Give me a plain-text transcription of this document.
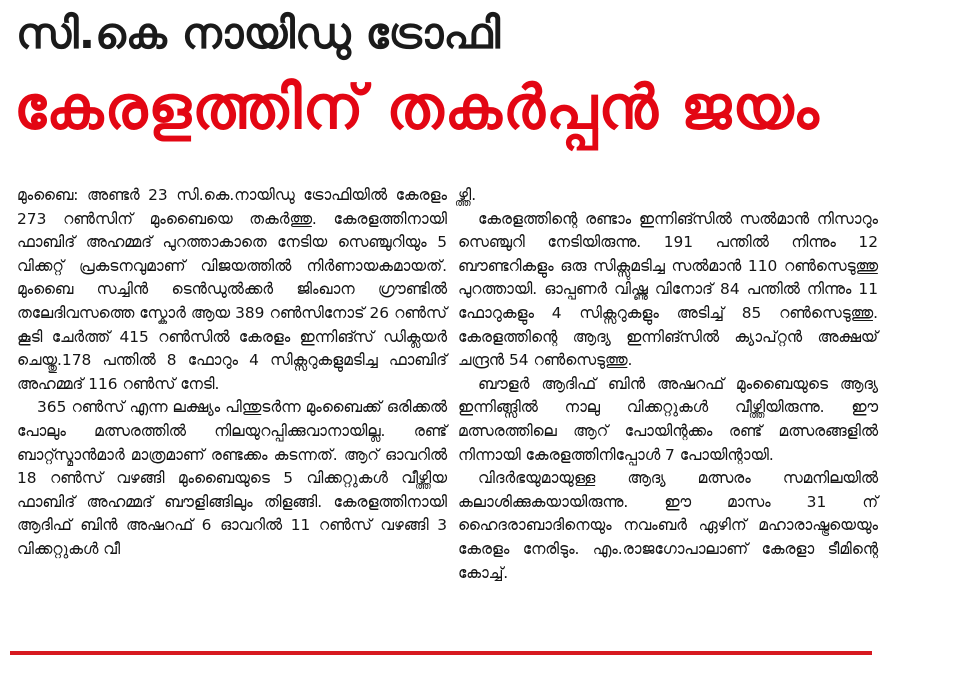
സി.കെ നായിഡു ട്രോഫി
കേരളത്തിന് തകർപ്പൻ ജയം

മുംബൈ: അണ്ടർ 23 സി.കെ.നായിഡു ട്രോഫിയിൽ കേരളം 273 റൺസിന് മുംബൈയെ തകർത്തു. കേരളത്തിനായി ഫാബിദ് അഹമ്മദ് പുറത്താകാതെ നേടിയ സെഞ്ചുറിയും 5 വിക്കറ്റ് പ്രകടനവുമാണ് വിജയത്തിൽ നിർണായകമായത്. മുംബൈ സച്ചിൻ ടെൻഡുൽക്കർ ജിംഖാന ഗ്രൗണ്ടിൽ തലേദിവസത്തെ സ്കോർ ആയ 389 റൺസിനോട് 26 റൺസ് കൂടി ചേർത്ത് 415 റൺസിൽ കേരളം ഇന്നിങ്സ് ഡിക്ലയർ ചെയ്തു.178 പന്തിൽ 8 ഫോറും 4 സിക്സറുകളുമടിച്ച ഫാബിദ് അഹമ്മദ് 116 റൺസ് നേടി.

365 റൺസ് എന്ന ലക്ഷ്യം പിന്തുടർന്ന മുംബൈക്ക് ഒരിക്കൽ പോലും മത്സരത്തിൽ നിലയുറപ്പിക്കുവാനായില്ല. രണ്ട് ബാറ്റ്സ്മാൻമാർ മാത്രമാണ് രണ്ടക്കം കടന്നത്. ആറ് ഓവറിൽ 18 റൺസ് വഴങ്ങി മുംബൈയുടെ 5 വിക്കറ്റുകൾ വീഴ്ത്തിയ ഫാബിദ് അഹമ്മദ് ബൗളിങ്ങിലും തിളങ്ങി. കേരളത്തിനായി ആദിഫ് ബിൻ അഷറഫ് 6 ഓവറിൽ 11 റൺസ് വഴങ്ങി 3 വിക്കറ്റുകൾ വീ

ഴ്ത്തി.

കേരളത്തിന്റെ രണ്ടാം ഇന്നിങ്സിൽ സൽമാൻ നിസാറും സെഞ്ചുറി നേടിയിരുന്നു. 191 പന്തിൽ നിന്നും 12 ബൗണ്ടറികളും ഒരു സിക്സുമടിച്ച സൽമാൻ 110 റൺസെടുത്തു പുറത്തായി. ഓപ്പണർ വിഷ്ണു വിനോദ് 84 പന്തിൽ നിന്നും 11 ഫോറുകളും 4 സിക്സറുകളും അടിച്ച് 85 റൺസെടുത്തു. കേരളത്തിന്റെ ആദ്യ ഇന്നിങ്സിൽ ക്യാപ്റ്റൻ അക്ഷയ് ചന്ദ്രൻ 54 റൺസെടുത്തു.

ബൗളർ ആദിഫ് ബിൻ അഷറഫ് മുംബൈയുടെ ആദ്യ ഇന്നിങ്ങ്സിൽ നാലു വിക്കറ്റുകൾ വീഴ്ത്തിയിരുന്നു. ഈ മത്സരത്തിലെ ആറ് പോയിന്റക്കം രണ്ട് മത്സരങ്ങളിൽ നിന്നായി കേരളത്തിനിപ്പോൾ 7 പോയിന്റായി.

വിദർഭയുമായുള്ള ആദ്യ മത്സരം സമനിലയിൽ കലാശിക്കുകയായിരുന്നു. ഈ മാസം 31 ന് ഹൈദരാബാദിനെയും നവംബർ ഏഴിന് മഹാരാഷ്ട്രയെയും കേരളം നേരിടും. എം.രാജഗോപാലാണ് കേരളാ ടീമിന്റെ കോച്ച്.
